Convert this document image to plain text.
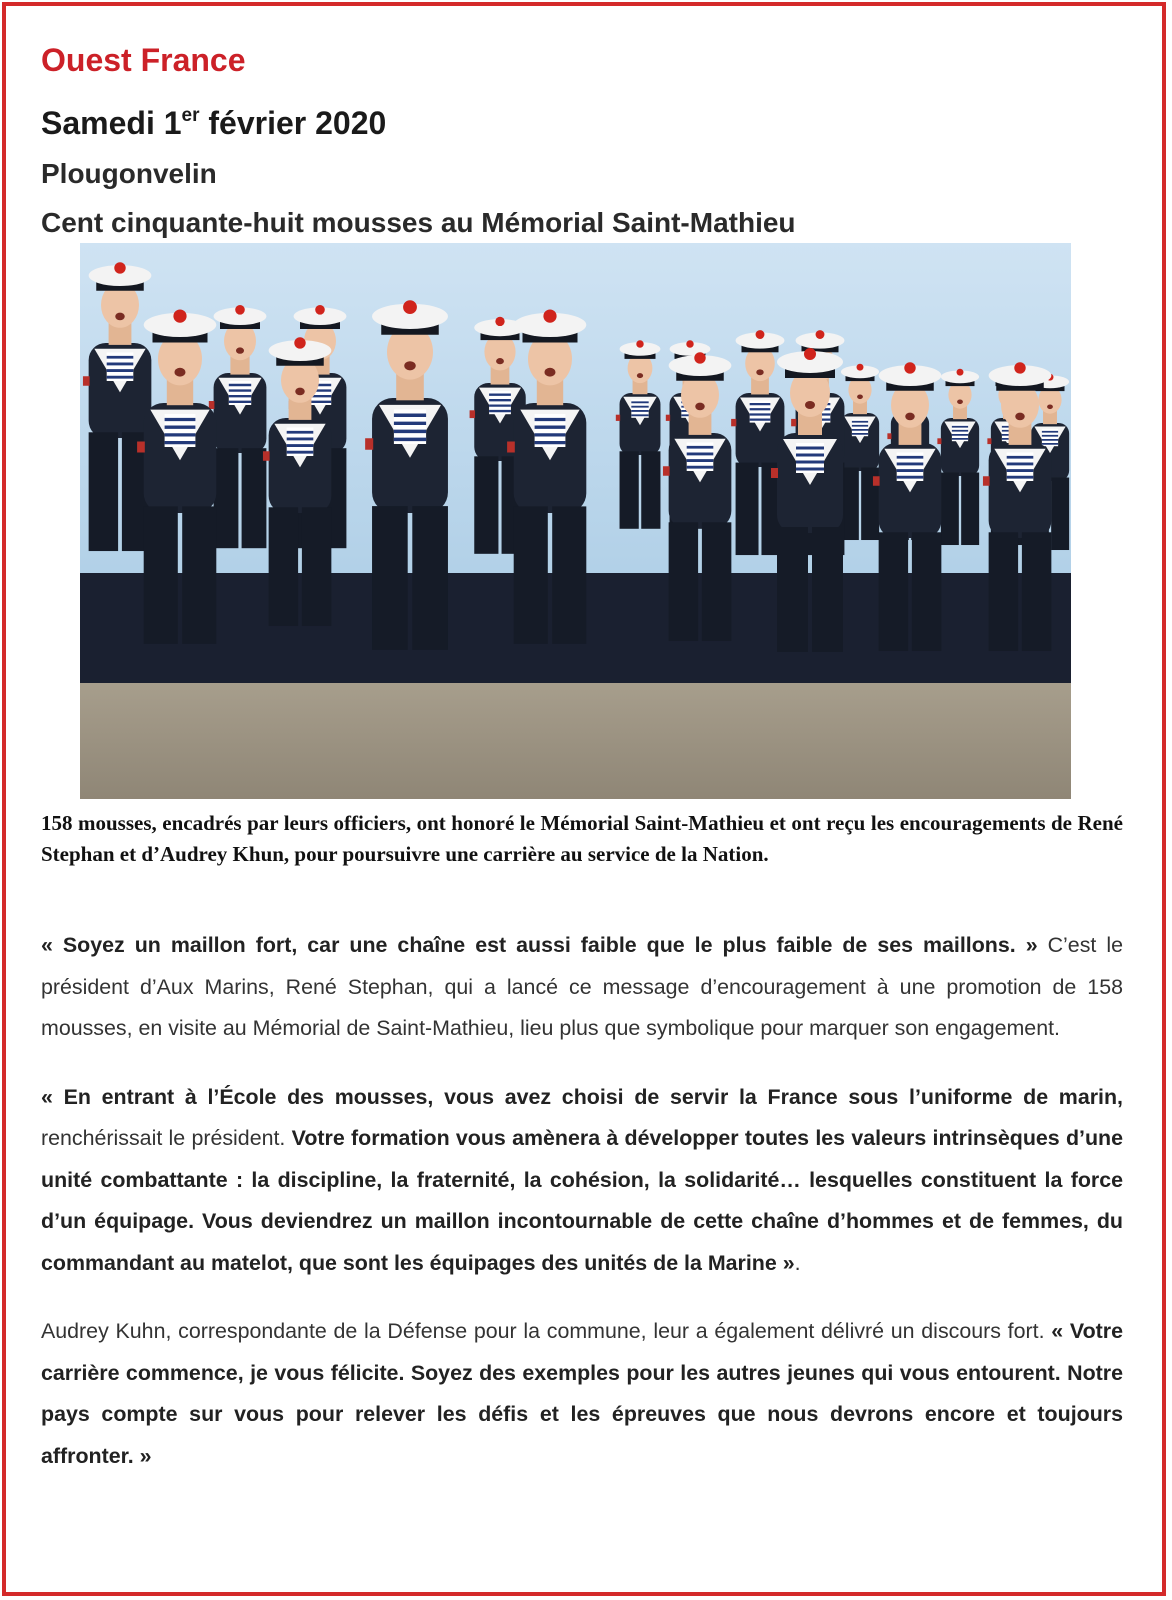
Ouest France
Samedi 1er février 2020
Plougonvelin
Cent cinquante-huit mousses au Mémorial Saint-Mathieu
158 mousses, encadrés par leurs officiers, ont honoré le Mémorial Saint-Mathieu et ont reçu les encouragements de René Stephan et d’Audrey Khun, pour poursuivre une carrière au service de la Nation.

« Soyez un maillon fort, car une chaîne est aussi faible que le plus faible de ses maillons. » C’est le président d’Aux Marins, René Stephan, qui a lancé ce message d’encouragement à une promotion de 158 mousses, en visite au Mémorial de Saint-Mathieu, lieu plus que symbolique pour marquer son engagement.

« En entrant à l’École des mousses, vous avez choisi de servir la France sous l’uniforme de marin, renchérissait le président. Votre formation vous amènera à développer toutes les valeurs intrinsèques d’une unité combattante : la discipline, la fraternité, la cohésion, la solidarité… lesquelles constituent la force d’un équipage. Vous deviendrez un maillon incontournable de cette chaîne d’hommes et de femmes, du commandant au matelot, que sont les équipages des unités de la Marine ».

Audrey Kuhn, correspondante de la Défense pour la commune, leur a également délivré un discours fort. « Votre carrière commence, je vous félicite. Soyez des exemples pour les autres jeunes qui vous entourent. Notre pays compte sur vous pour relever les défis et les épreuves que nous devrons encore et toujours affronter. »
